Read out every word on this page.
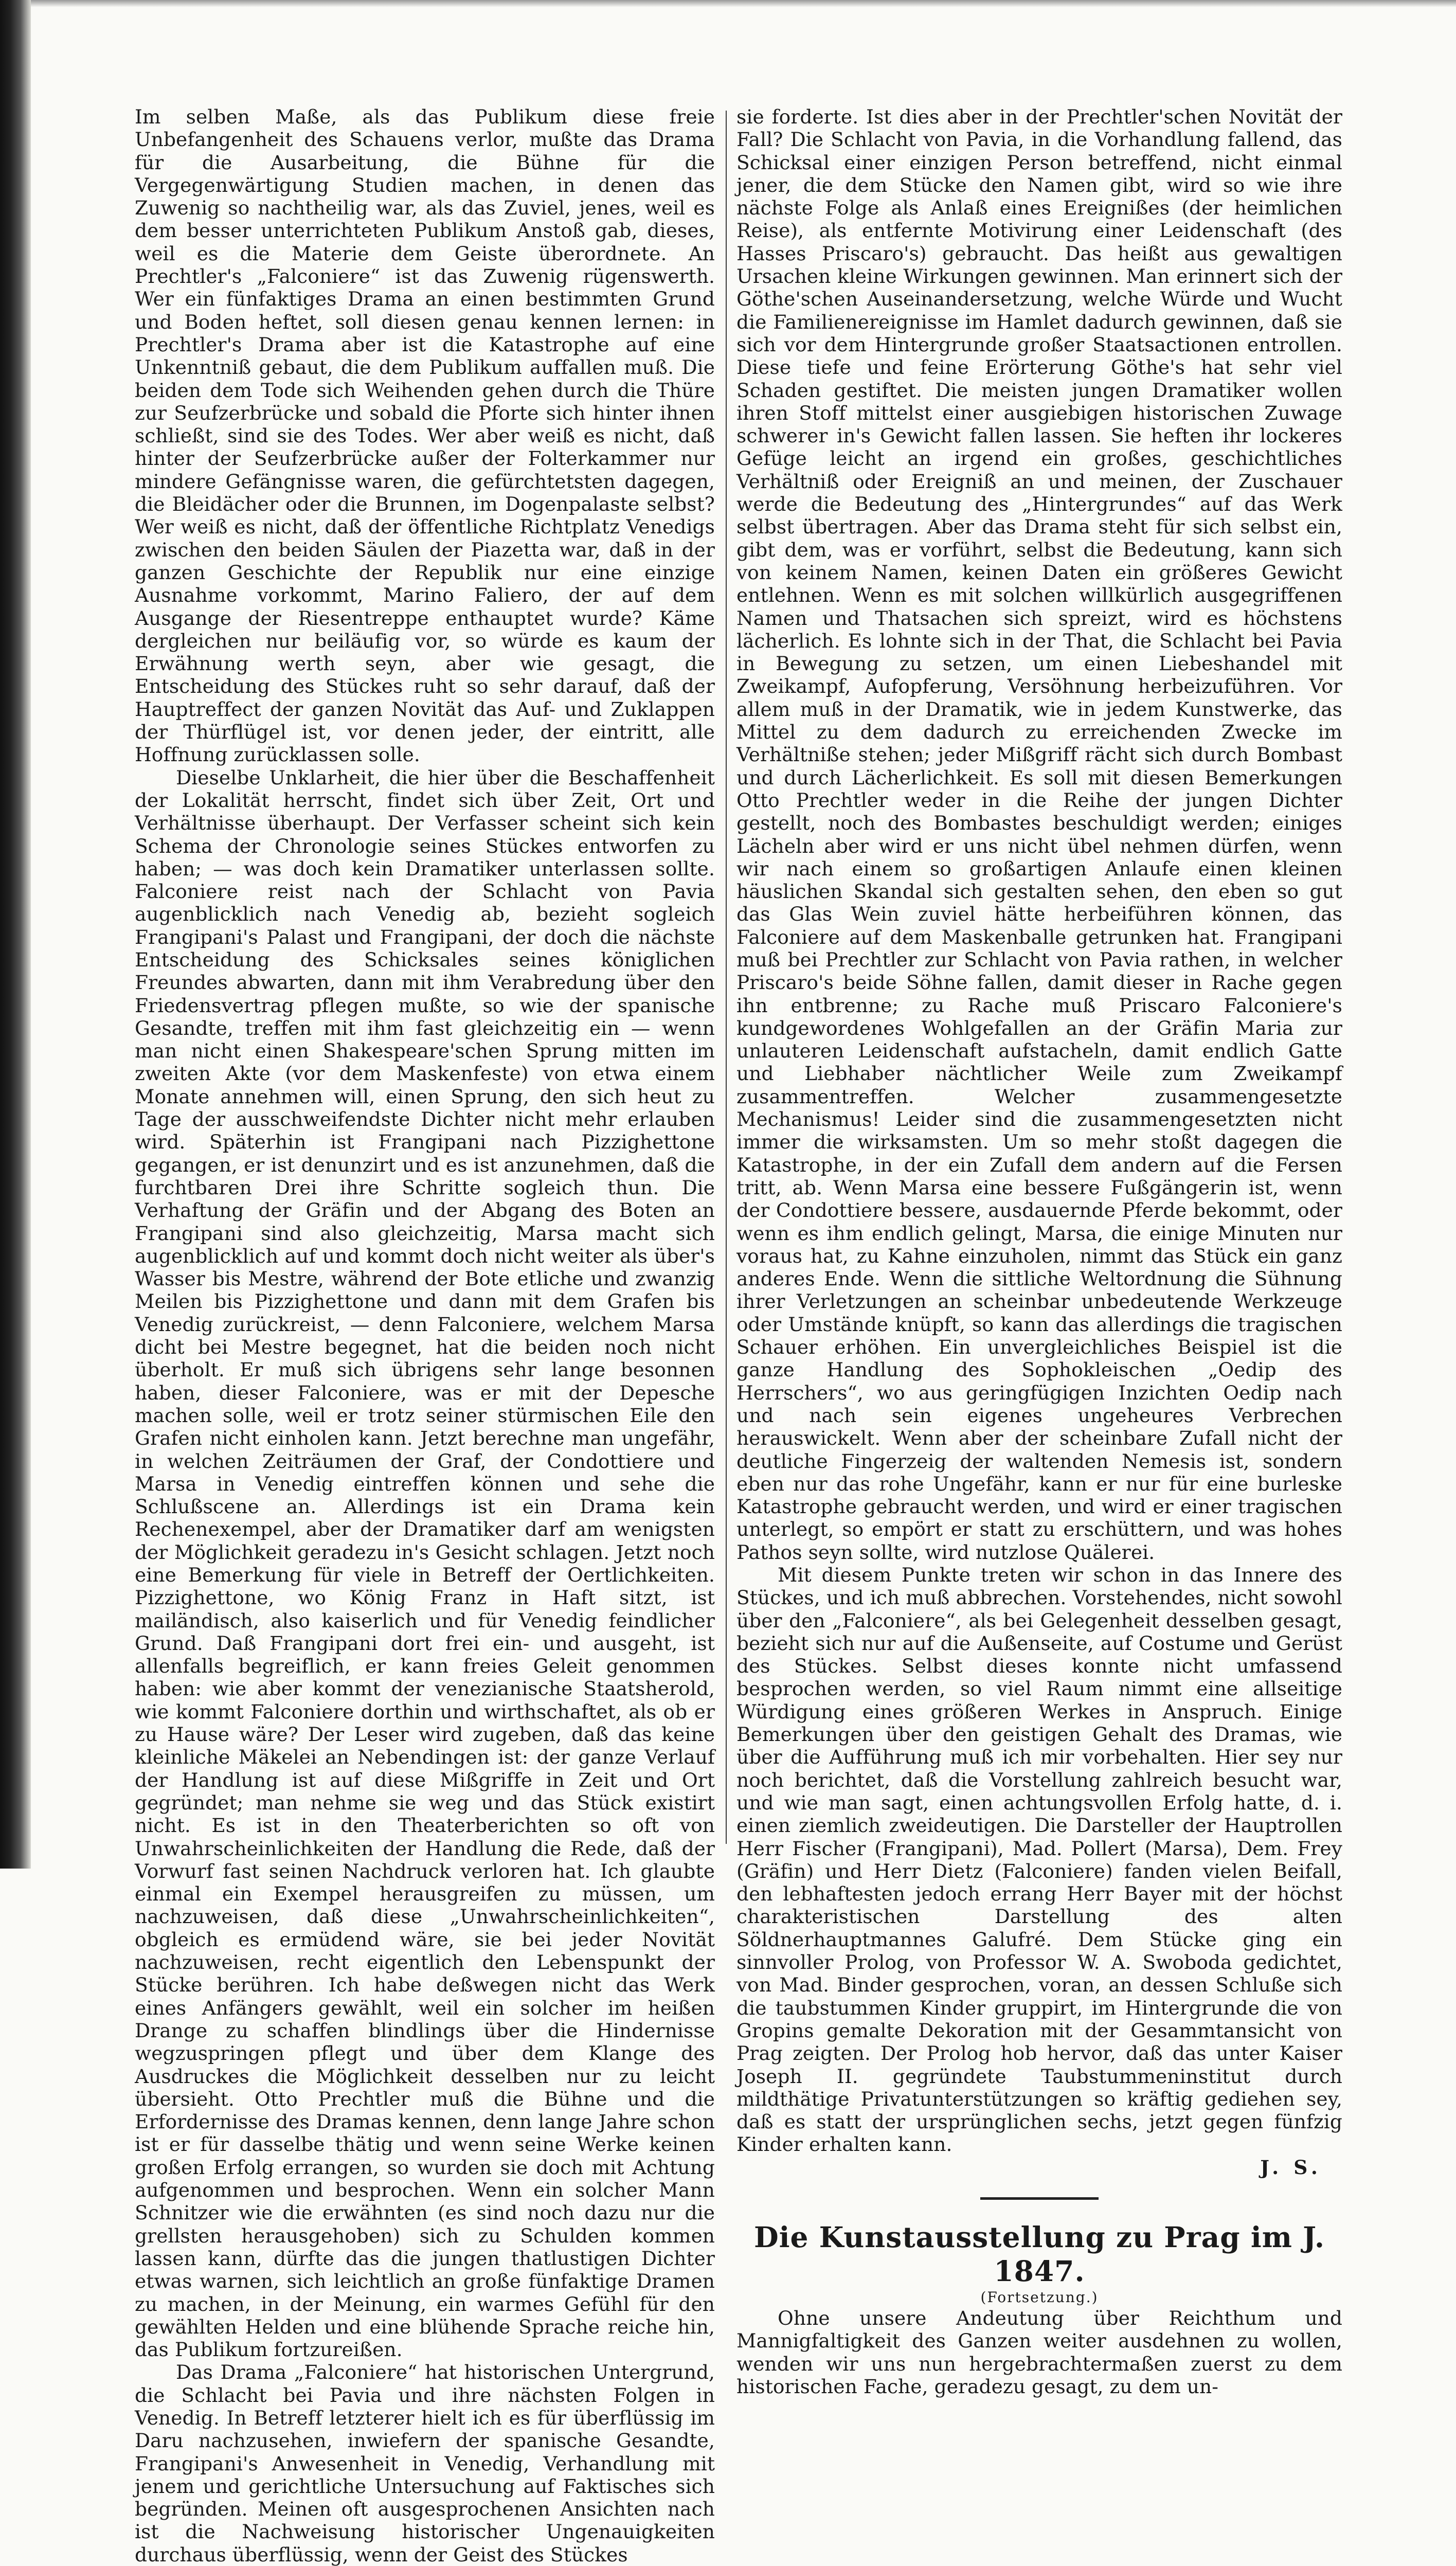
Im selben Maße, als das Publikum diese freie Unbefangenheit des Schauens verlor, mußte das Drama für die Ausarbeitung, die Bühne für die Vergegenwärtigung Studien machen, in denen das Zuwenig so nachtheilig war, als das Zuviel, jenes, weil es dem besser unterrichteten Publikum Anstoß gab, dieses, weil es die Materie dem Geiste überordnete. An Prechtler's „Falconiere“ ist das Zuwenig rügenswerth. Wer ein fünfaktiges Drama an einen bestimmten Grund und Boden heftet, soll diesen genau kennen lernen: in Prechtler's Drama aber ist die Katastrophe auf eine Unkenntniß gebaut, die dem Publikum auffallen muß. Die beiden dem Tode sich Weihenden gehen durch die Thüre zur Seufzerbrücke und sobald die Pforte sich hinter ihnen schließt, sind sie des Todes. Wer aber weiß es nicht, daß hinter der Seufzerbrücke außer der Folterkammer nur mindere Gefängnisse waren, die gefürchtetsten dagegen, die Bleidächer oder die Brunnen, im Dogenpalaste selbst? Wer weiß es nicht, daß der öffentliche Richtplatz Venedigs zwischen den beiden Säulen der Piazetta war, daß in der ganzen Geschichte der Republik nur eine einzige Ausnahme vorkommt, Marino Faliero, der auf dem Ausgange der Riesentreppe enthauptet wurde? Käme dergleichen nur beiläufig vor, so würde es kaum der Erwähnung werth seyn, aber wie gesagt, die Entscheidung des Stückes ruht so sehr darauf, daß der Hauptreffect der ganzen Novität das Auf- und Zuklappen der Thürflügel ist, vor denen jeder, der eintritt, alle Hoffnung zurücklassen solle.

Dieselbe Unklarheit, die hier über die Beschaffenheit der Lokalität herrscht, findet sich über Zeit, Ort und Verhältnisse überhaupt. Der Verfasser scheint sich kein Schema der Chronologie seines Stückes entworfen zu haben; — was doch kein Dramatiker unterlassen sollte. Falconiere reist nach der Schlacht von Pavia augenblicklich nach Venedig ab, bezieht sogleich Frangipani's Palast und Frangipani, der doch die nächste Entscheidung des Schicksales seines königlichen Freundes abwarten, dann mit ihm Verabredung über den Friedensvertrag pflegen mußte, so wie der spanische Gesandte, treffen mit ihm fast gleichzeitig ein — wenn man nicht einen Shakespeare'schen Sprung mitten im zweiten Akte (vor dem Maskenfeste) von etwa einem Monate annehmen will, einen Sprung, den sich heut zu Tage der ausschweifendste Dichter nicht mehr erlauben wird. Späterhin ist Frangipani nach Pizzighettone gegangen, er ist denunzirt und es ist anzunehmen, daß die furchtbaren Drei ihre Schritte sogleich thun. Die Verhaftung der Gräfin und der Abgang des Boten an Frangipani sind also gleichzeitig, Marsa macht sich augenblicklich auf und kommt doch nicht weiter als über's Wasser bis Mestre, während der Bote etliche und zwanzig Meilen bis Pizzighettone und dann mit dem Grafen bis Venedig zurückreist, — denn Falconiere, welchem Marsa dicht bei Mestre begegnet, hat die beiden noch nicht überholt. Er muß sich übrigens sehr lange besonnen haben, dieser Falconiere, was er mit der Depesche machen solle, weil er trotz seiner stürmischen Eile den Grafen nicht einholen kann. Jetzt berechne man ungefähr, in welchen Zeiträumen der Graf, der Condottiere und Marsa in Venedig eintreffen können und sehe die Schlußscene an. Allerdings ist ein Drama kein Rechenexempel, aber der Dramatiker darf am wenigsten der Möglichkeit geradezu in's Gesicht schlagen. Jetzt noch eine Bemerkung für viele in Betreff der Oertlichkeiten. Pizzighettone, wo König Franz in Haft sitzt, ist mailändisch, also kaiserlich und für Venedig feindlicher Grund. Daß Frangipani dort frei ein- und ausgeht, ist allenfalls begreiflich, er kann freies Geleit genommen haben: wie aber kommt der venezianische Staatsherold, wie kommt Falconiere dorthin und wirthschaftet, als ob er zu Hause wäre? Der Leser wird zugeben, daß das keine kleinliche Mäkelei an Nebendingen ist: der ganze Verlauf der Handlung ist auf diese Mißgriffe in Zeit und Ort gegründet; man nehme sie weg und das Stück existirt nicht. Es ist in den Theaterberichten so oft von Unwahrscheinlichkeiten der Handlung die Rede, daß der Vorwurf fast seinen Nachdruck verloren hat. Ich glaubte einmal ein Exempel herausgreifen zu müssen, um nachzuweisen, daß diese „Unwahrscheinlichkeiten“, obgleich es ermüdend wäre, sie bei jeder Novität nachzuweisen, recht eigentlich den Lebenspunkt der Stücke berühren. Ich habe deßwegen nicht das Werk eines Anfängers gewählt, weil ein solcher im heißen Drange zu schaffen blindlings über die Hindernisse wegzuspringen pflegt und über dem Klange des Ausdruckes die Möglichkeit desselben nur zu leicht übersieht. Otto Prechtler muß die Bühne und die Erfordernisse des Dramas kennen, denn lange Jahre schon ist er für dasselbe thätig und wenn seine Werke keinen großen Erfolg errangen, so wurden sie doch mit Achtung aufgenommen und besprochen. Wenn ein solcher Mann Schnitzer wie die erwähnten (es sind noch dazu nur die grellsten herausgehoben) sich zu Schulden kommen lassen kann, dürfte das die jungen thatlustigen Dichter etwas warnen, sich leichtlich an große fünfaktige Dramen zu machen, in der Meinung, ein warmes Gefühl für den gewählten Helden und eine blühende Sprache reiche hin, das Publikum fortzureißen.

Das Drama „Falconiere“ hat historischen Untergrund, die Schlacht bei Pavia und ihre nächsten Folgen in Venedig. In Betreff letzterer hielt ich es für überflüssig im Daru nachzusehen, inwiefern der spanische Gesandte, Frangipani's Anwesenheit in Venedig, Verhandlung mit jenem und gerichtliche Untersuchung auf Faktisches sich begründen. Meinen oft ausgesprochenen Ansichten nach ist die Nachweisung historischer Ungenauigkeiten durchaus überflüssig, wenn der Geist des Stückes

sie forderte. Ist dies aber in der Prechtler'schen Novität der Fall? Die Schlacht von Pavia, in die Vorhandlung fallend, das Schicksal einer einzigen Person betreffend, nicht einmal jener, die dem Stücke den Namen gibt, wird so wie ihre nächste Folge als Anlaß eines Ereignißes (der heimlichen Reise), als entfernte Motivirung einer Leidenschaft (des Hasses Priscaro's) gebraucht. Das heißt aus gewaltigen Ursachen kleine Wirkungen gewinnen. Man erinnert sich der Göthe'schen Auseinandersetzung, welche Würde und Wucht die Familienereignisse im Hamlet dadurch gewinnen, daß sie sich vor dem Hintergrunde großer Staatsactionen entrollen. Diese tiefe und feine Erörterung Göthe's hat sehr viel Schaden gestiftet. Die meisten jungen Dramatiker wollen ihren Stoff mittelst einer ausgiebigen historischen Zuwage schwerer in's Gewicht fallen lassen. Sie heften ihr lockeres Gefüge leicht an irgend ein großes, geschichtliches Verhältniß oder Ereigniß an und meinen, der Zuschauer werde die Bedeutung des „Hintergrundes“ auf das Werk selbst übertragen. Aber das Drama steht für sich selbst ein, gibt dem, was er vorführt, selbst die Bedeutung, kann sich von keinem Namen, keinen Daten ein größeres Gewicht entlehnen. Wenn es mit solchen willkürlich ausgegriffenen Namen und Thatsachen sich spreizt, wird es höchstens lächerlich. Es lohnte sich in der That, die Schlacht bei Pavia in Bewegung zu setzen, um einen Liebeshandel mit Zweikampf, Aufopferung, Versöhnung herbeizuführen. Vor allem muß in der Dramatik, wie in jedem Kunstwerke, das Mittel zu dem dadurch zu erreichenden Zwecke im Verhältniße stehen; jeder Mißgriff rächt sich durch Bombast und durch Lächerlichkeit. Es soll mit diesen Bemerkungen Otto Prechtler weder in die Reihe der jungen Dichter gestellt, noch des Bombastes beschuldigt werden; einiges Lächeln aber wird er uns nicht übel nehmen dürfen, wenn wir nach einem so großartigen Anlaufe einen kleinen häuslichen Skandal sich gestalten sehen, den eben so gut das Glas Wein zuviel hätte herbeiführen können, das Falconiere auf dem Maskenballe getrunken hat. Frangipani muß bei Prechtler zur Schlacht von Pavia rathen, in welcher Priscaro's beide Söhne fallen, damit dieser in Rache gegen ihn entbrenne; zu Rache muß Priscaro Falconiere's kundgewordenes Wohlgefallen an der Gräfin Maria zur unlauteren Leidenschaft aufstacheln, damit endlich Gatte und Liebhaber nächtlicher Weile zum Zweikampf zusammentreffen. Welcher zusammengesetzte Mechanismus! Leider sind die zusammengesetzten nicht immer die wirksamsten. Um so mehr stoßt dagegen die Katastrophe, in der ein Zufall dem andern auf die Fersen tritt, ab. Wenn Marsa eine bessere Fußgängerin ist, wenn der Condottiere bessere, ausdauernde Pferde bekommt, oder wenn es ihm endlich gelingt, Marsa, die einige Minuten nur voraus hat, zu Kahne einzuholen, nimmt das Stück ein ganz anderes Ende. Wenn die sittliche Weltordnung die Sühnung ihrer Verletzungen an scheinbar unbedeutende Werkzeuge oder Umstände knüpft, so kann das allerdings die tragischen Schauer erhöhen. Ein unvergleichliches Beispiel ist die ganze Handlung des Sophokleischen „Oedip des Herrschers“, wo aus geringfügigen Inzichten Oedip nach und nach sein eigenes ungeheures Verbrechen herauswickelt. Wenn aber der scheinbare Zufall nicht der deutliche Fingerzeig der waltenden Nemesis ist, sondern eben nur das rohe Ungefähr, kann er nur für eine burleske Katastrophe gebraucht werden, und wird er einer tragischen unterlegt, so empört er statt zu erschüttern, und was hohes Pathos seyn sollte, wird nutzlose Quälerei.

Mit diesem Punkte treten wir schon in das Innere des Stückes, und ich muß abbrechen. Vorstehendes, nicht sowohl über den „Falconiere“, als bei Gelegenheit desselben gesagt, bezieht sich nur auf die Außenseite, auf Costume und Gerüst des Stückes. Selbst dieses konnte nicht umfassend besprochen werden, so viel Raum nimmt eine allseitige Würdigung eines größeren Werkes in Anspruch. Einige Bemerkungen über den geistigen Gehalt des Dramas, wie über die Aufführung muß ich mir vorbehalten. Hier sey nur noch berichtet, daß die Vorstellung zahlreich besucht war, und wie man sagt, einen achtungsvollen Erfolg hatte, d. i. einen ziemlich zweideutigen. Die Darsteller der Hauptrollen Herr Fischer (Frangipani), Mad. Pollert (Marsa), Dem. Frey (Gräfin) und Herr Dietz (Falconiere) fanden vielen Beifall, den lebhaftesten jedoch errang Herr Bayer mit der höchst charakteristischen Darstellung des alten Söldnerhauptmannes Galufré. Dem Stücke ging ein sinnvoller Prolog, von Professor W. A. Swoboda gedichtet, von Mad. Binder gesprochen, voran, an dessen Schluße sich die taubstummen Kinder gruppirt, im Hintergrunde die von Gropins gemalte Dekoration mit der Gesammtansicht von Prag zeigten. Der Prolog hob hervor, daß das unter Kaiser Joseph II. gegründete Taubstummeninstitut durch mildthätige Privatunterstützungen so kräftig gediehen sey, daß es statt der ursprünglichen sechs, jetzt gegen fünfzig Kinder erhalten kann.

J. S.

Die Kunstausstellung zu Prag im J. 1847.

(Fortsetzung.)

Ohne unsere Andeutung über Reichthum und Mannigfaltigkeit des Ganzen weiter ausdehnen zu wollen, wenden wir uns nun hergebrachtermaßen zuerst zu dem historischen Fache, geradezu gesagt, zu dem un-
